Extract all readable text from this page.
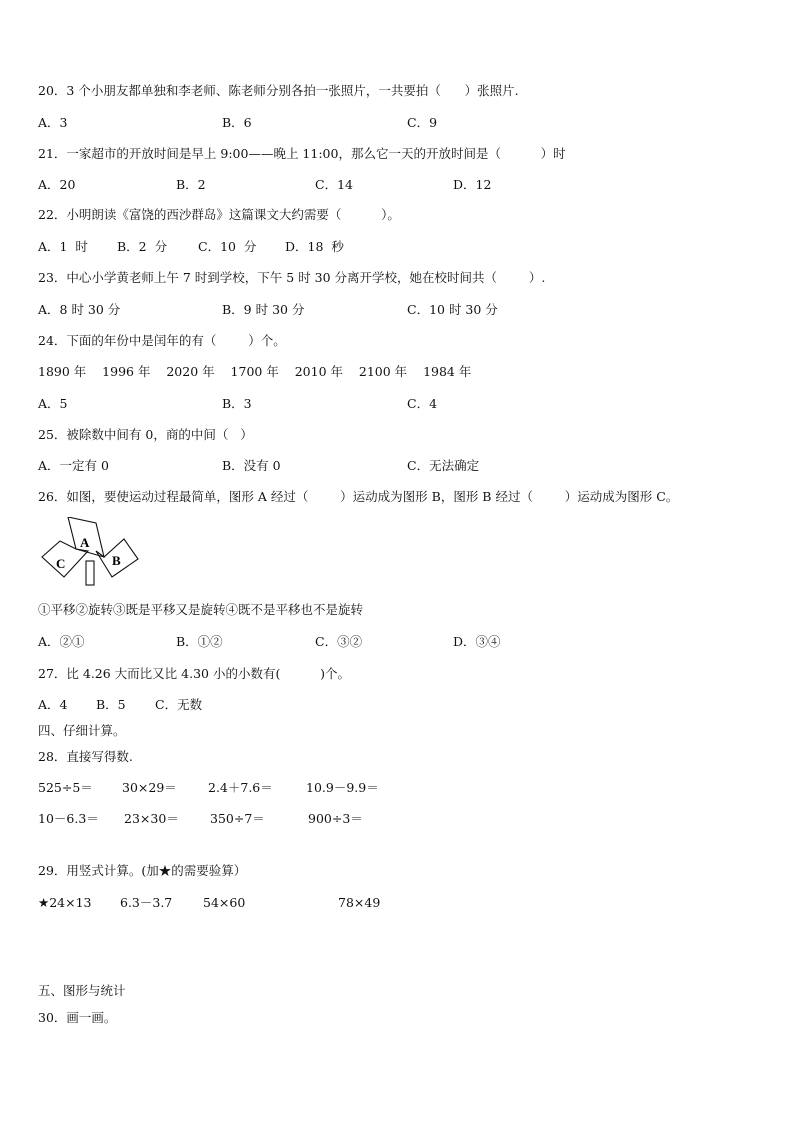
20．3 个小朋友都单独和李老师、陈老师分别各拍一张照片，一共要拍（      ）张照片.
A．3	B．6	C．9
21．一家超市的开放时间是早上 9:00——晚上 11:00，那么它一天的开放时间是（          ）时
A．20	B．2	C．14	D．12
22．小明朗读《富饶的西沙群岛》这篇课文大约需要（          ）。
A．1  时 B．2  分 C．10  分 D．18  秒
23．中心小学黄老师上午 7 时到学校，下午 5 时 30 分离开学校，她在校时间共（        ）.
A．8 时 30 分	B．9 时 30 分	C．10 时 30 分
24．下面的年份中是闰年的有（        ）个。
1890 年    1996 年    2020 年    1700 年    2010 年    2100 年    1984 年
A．5	B．3	C．4
25．被除数中间有 0，商的中间（   ）
A．一定有 0	B．没有 0	C．无法确定
26．如图，要使运动过程最简单，图形 A 经过（        ）运动成为图形 B，图形 B 经过（        ）运动成为图形 C。
A
C	B
①平移②旋转③既是平移又是旋转④既不是平移也不是旋转
A．②①	B．①②	C．③②	D．③④
27．比 4.26 大而比又比 4.30 小的小数有(          )个。
A．4 B．5 C．无数
四、仔细计算。
28．直接写得数.
525÷5＝ 30×29＝ 2.4＋7.6＝	10.9－9.9＝
10－6.3＝ 23×30＝ 350÷7＝	900÷3＝
29．用竖式计算。(加★的需要验算）
★24×13 6.3－3.7 54×60	78×49
五、图形与统计
30．画一画。
